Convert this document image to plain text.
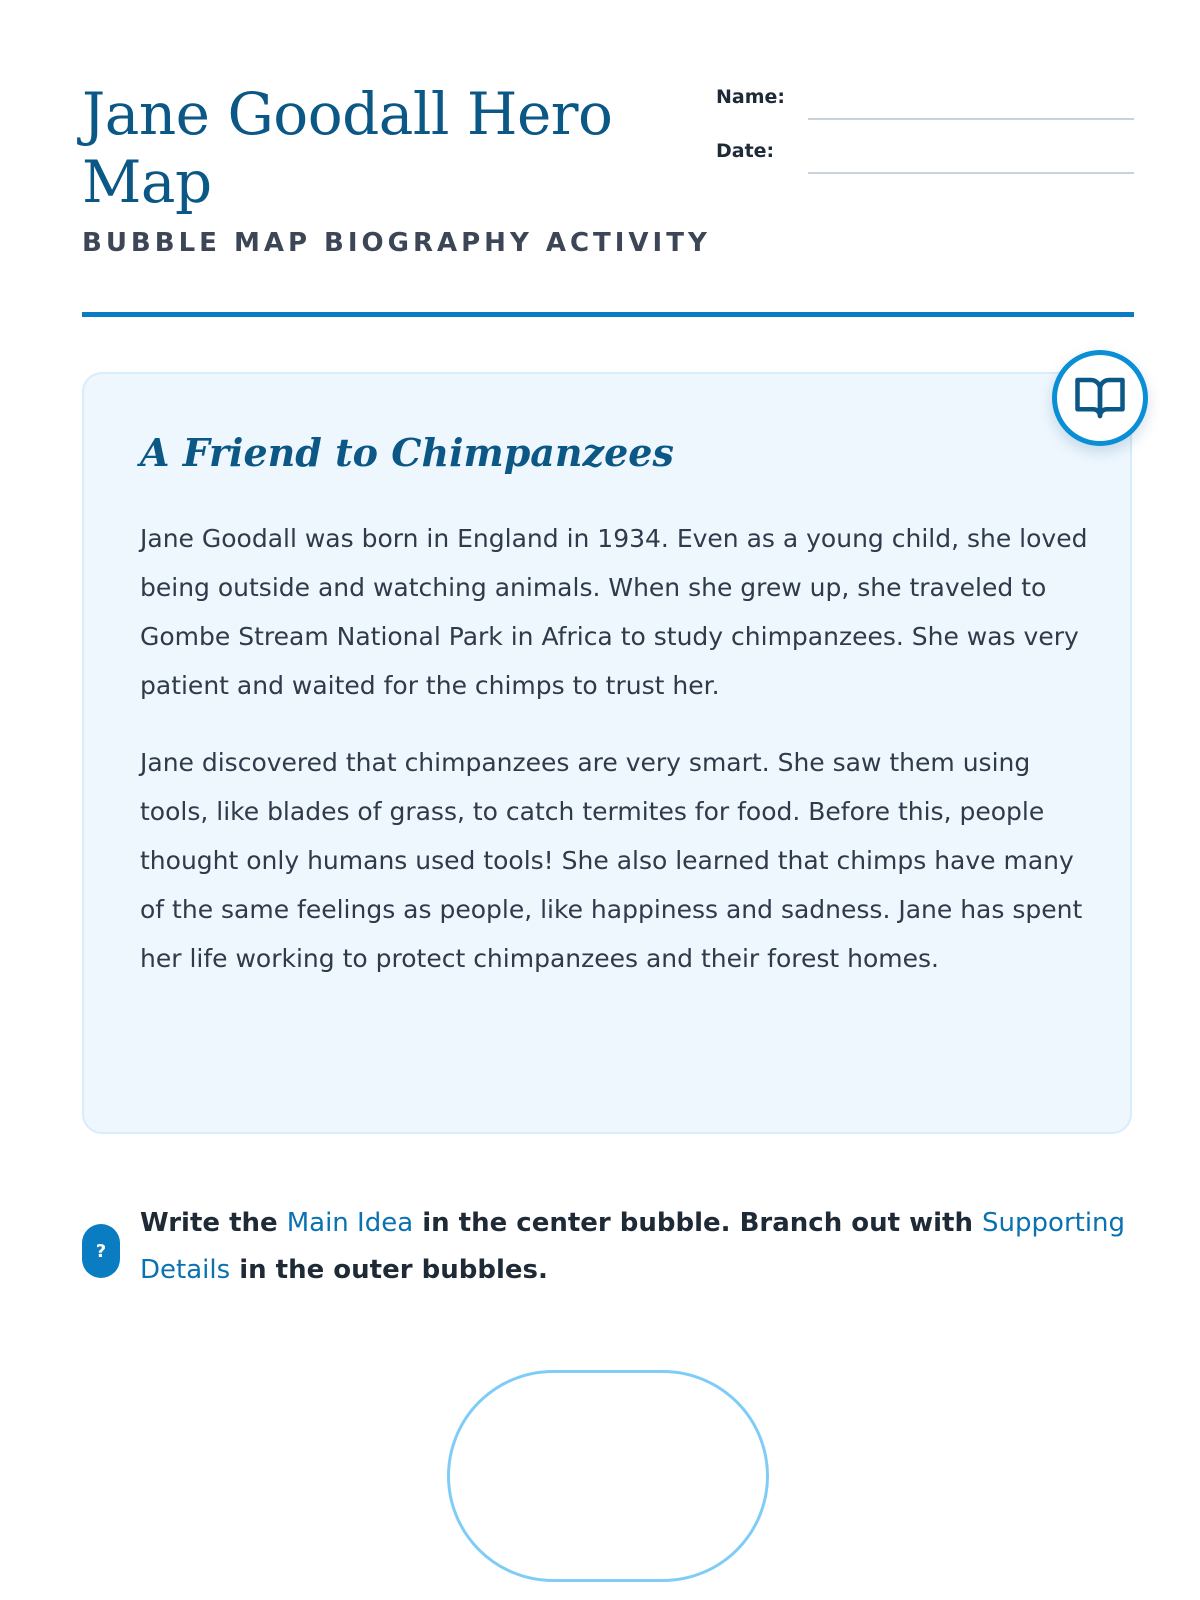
Jane Goodall Hero Map
BUBBLE MAP BIOGRAPHY ACTIVITY
Name:
Date:
A Friend to Chimpanzees

Jane Goodall was born in England in 1934. Even as a young child, she loved being outside and watching animals. When she grew up, she traveled to Gombe Stream National Park in Africa to study chimpanzees. She was very patient and waited for the chimps to trust her.

Jane discovered that chimpanzees are very smart. She saw them using tools, like blades of grass, to catch termites for food. Before this, people thought only humans used tools! She also learned that chimps have many of the same feelings as people, like happiness and sadness. Jane has spent her life working to protect chimpanzees and their forest homes.

?
Write the Main Idea in the center bubble. Branch out with Supporting Details in the outer bubbles.
